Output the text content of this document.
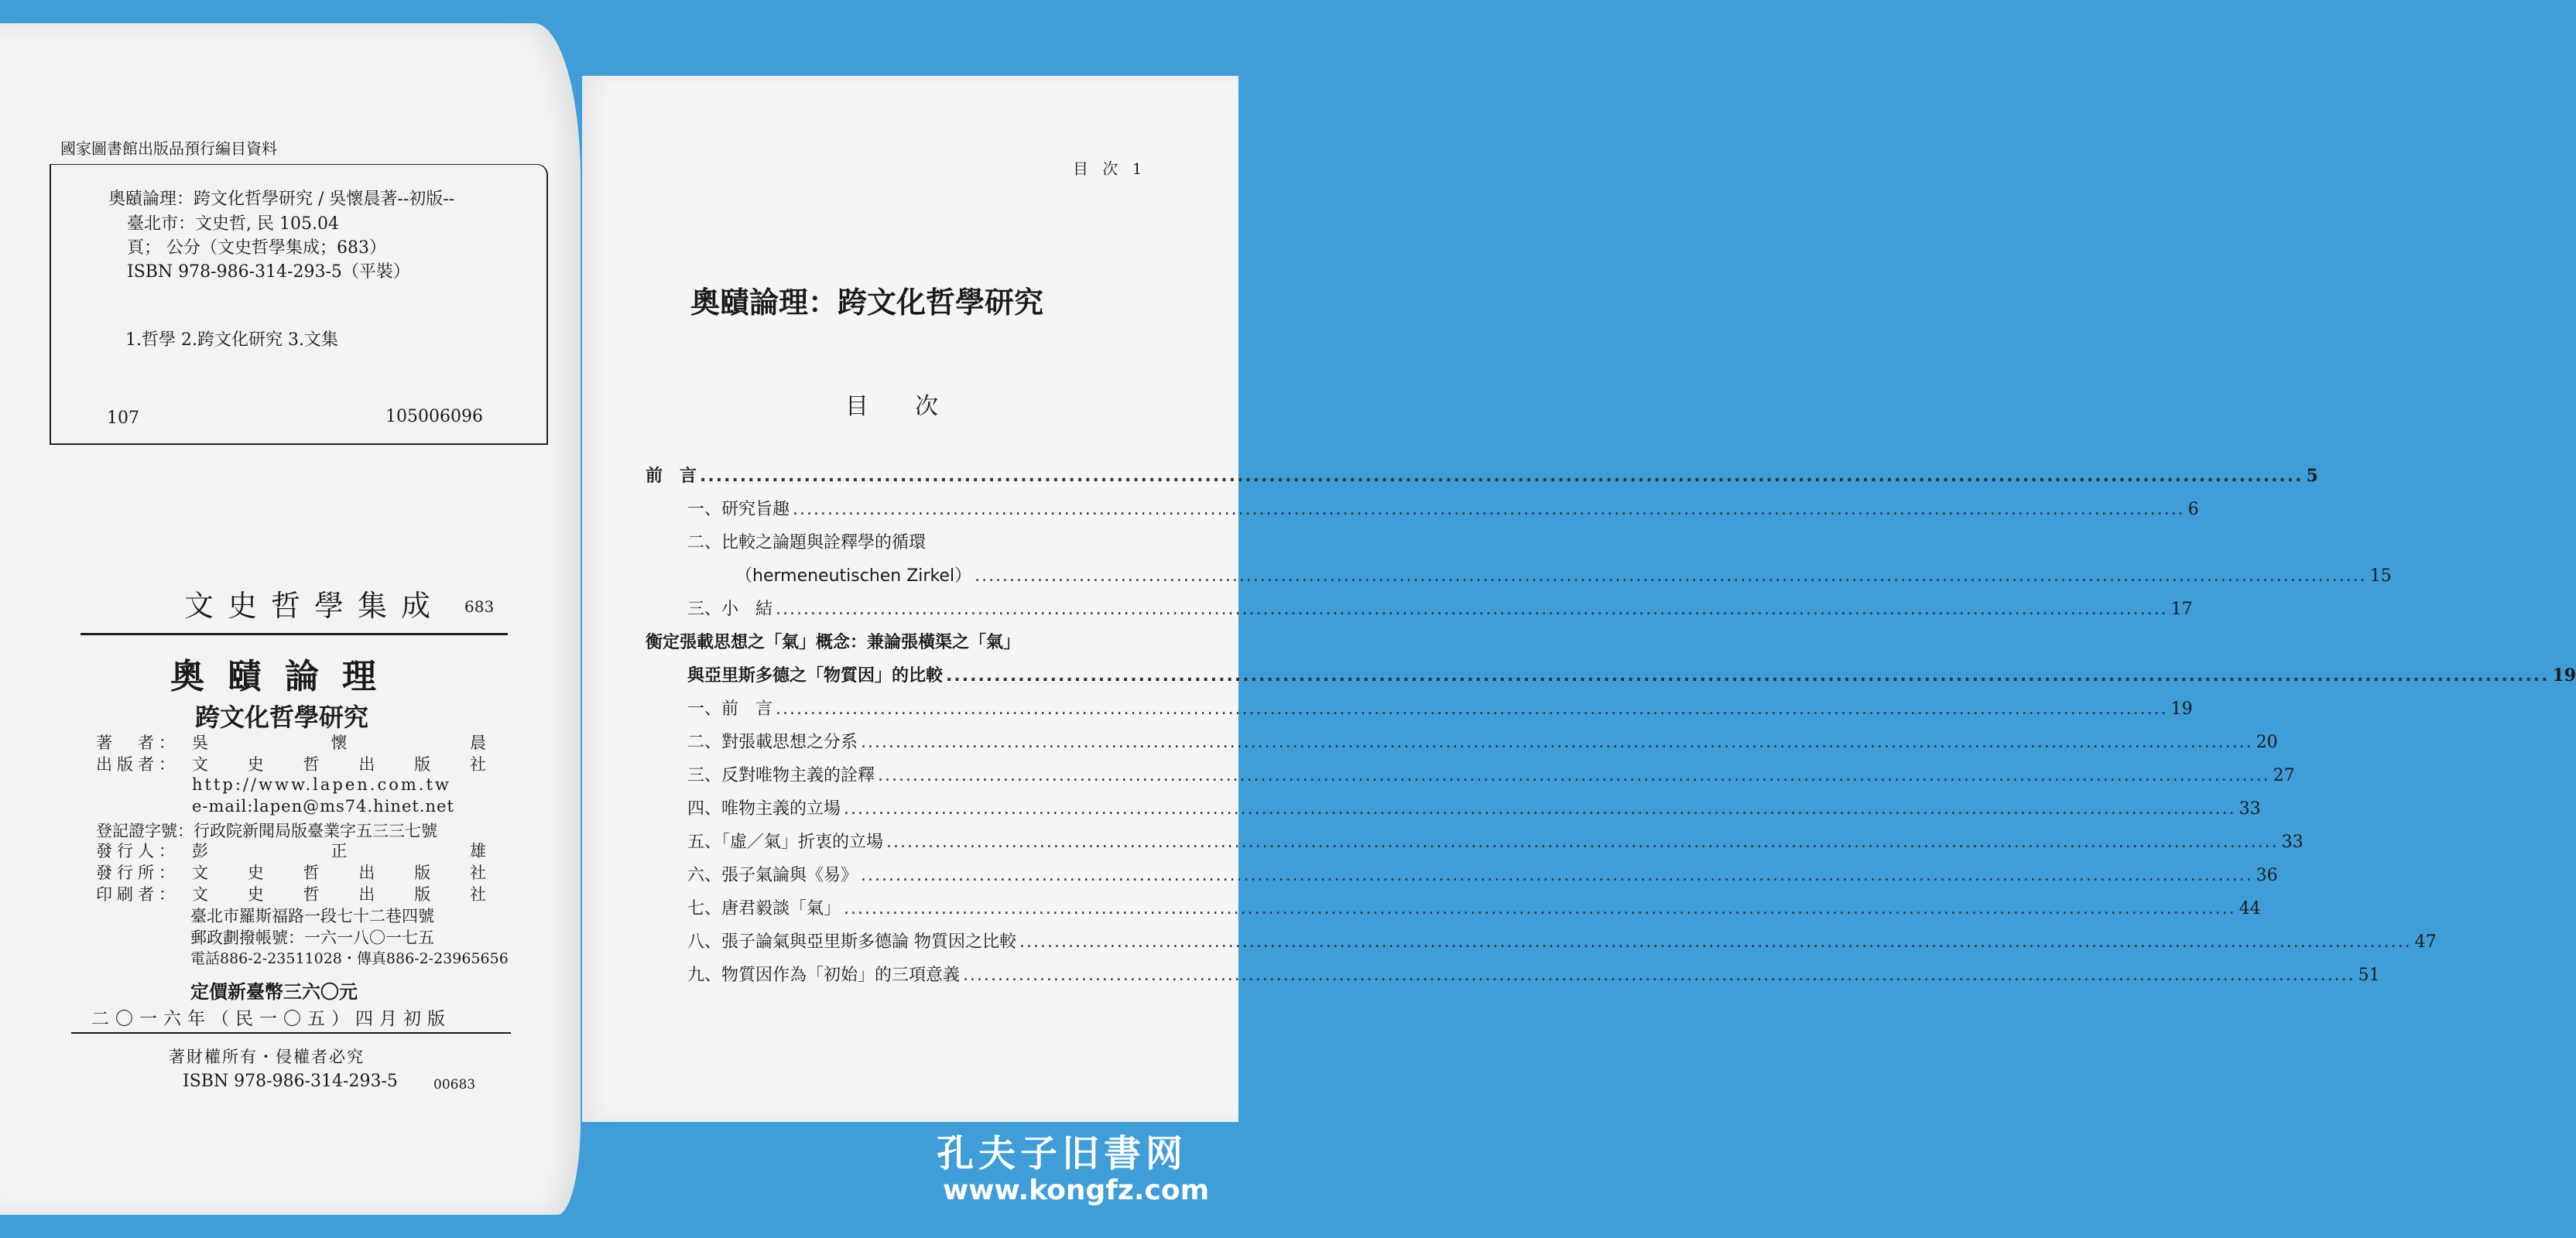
國家圖書館出版品預行編目資料
奧賾論理：跨文化哲學研究 / 吳懷晨著--初版--
臺北市：文史哲, 民 105.04
頁； 公分（文史哲學集成；683）
ISBN 978-986-314-293-5（平裝）
1.哲學 2.跨文化研究 3.文集
107	105006096
文史哲學集成 683
奧賾論理
跨文化哲學研究
著　者： 吳	懷	晨
出版者： 文 史 哲 出 版 社
http://www.lapen.com.tw
e-mail:lapen@ms74.hinet.net
登記證字號：行政院新聞局版臺業字五三三七號
發行人： 彭	正	雄
發行所： 文 史 哲 出 版 社
印刷者： 文 史 哲 出 版 社
臺北市羅斯福路一段七十二巷四號
郵政劃撥帳號：一六一八〇一七五
電話886-2-23511028・傳真886-2-23965656
定價新臺幣三六〇元
二〇一六年（民一〇五）四月初版
著財權所有・侵權者必究
ISBN 978-986-314-293-5	00683
目 次 1
奧賾論理：跨文化哲學研究
目次
前　言 ........................................................................................................................................................................................................ 5
一、研究旨趣 ........................................................................................................................................................................................................ 6
二、比較之論題與詮釋學的循環
（hermeneutischen Zirkel） ........................................................................................................................................................................................................ 15
三、小　結 ........................................................................................................................................................................................................ 17
衡定張載思想之「氣」概念：兼論張橫渠之「氣」
與亞里斯多德之「物質因」的比較 ........................................................................................................................................................................................................ 19
一、前　言 ........................................................................................................................................................................................................ 19
二、對張載思想之分系 ........................................................................................................................................................................................................ 20
三、反對唯物主義的詮釋 ........................................................................................................................................................................................................ 27
四、唯物主義的立場 ........................................................................................................................................................................................................ 33
五、「虛／氣」折衷的立場 ........................................................................................................................................................................................................ 33
六、張子氣論與《易》 ........................................................................................................................................................................................................ 36
七、唐君毅談「氣」 ........................................................................................................................................................................................................ 44
八、張子論氣與亞里斯多德論 物質因之比較 ........................................................................................................................................................................................................ 47
九、物質因作為「初始」的三項意義 ........................................................................................................................................................................................................ 51
孔夫子旧書网
www.kongfz.com
